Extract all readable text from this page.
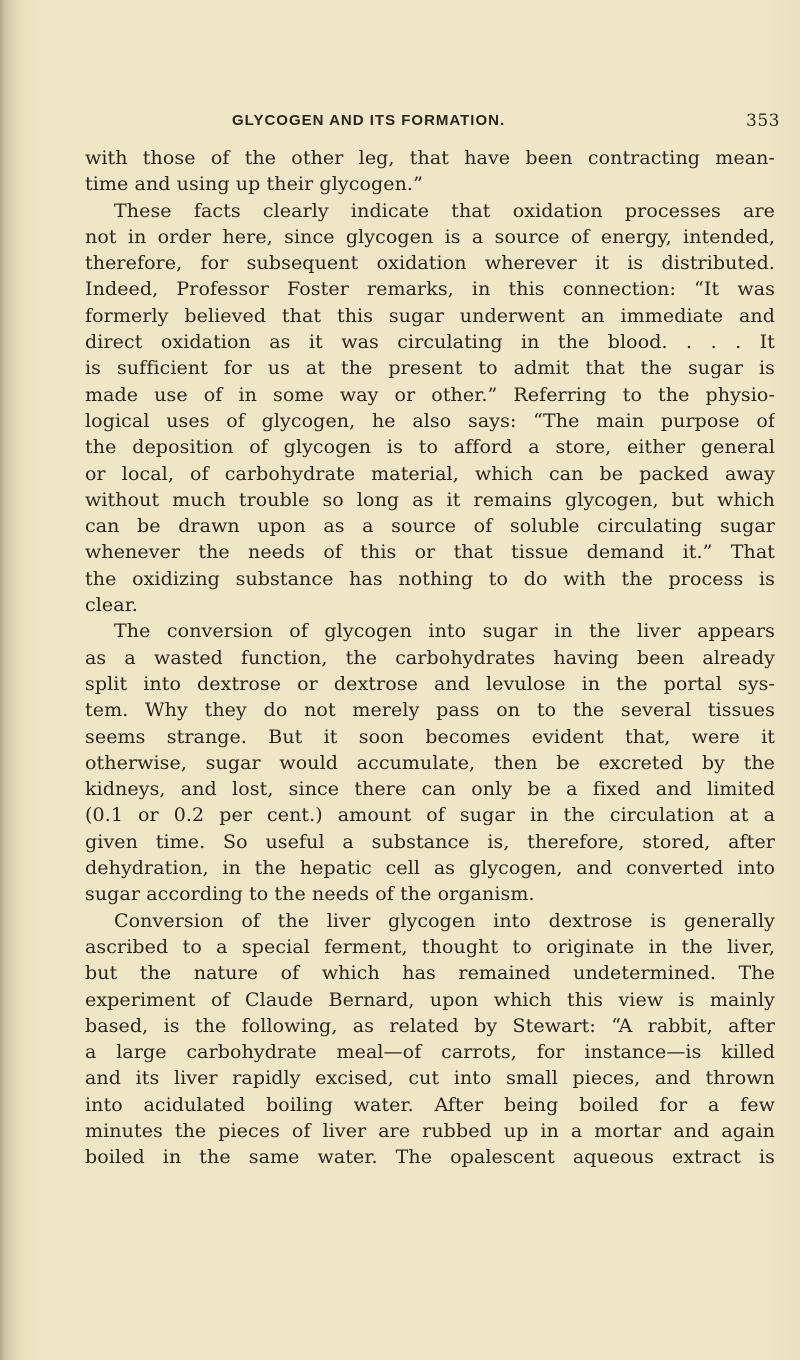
GLYCOGEN AND ITS FORMATION.	353
with those of the other leg, that have been contracting mean-
time and using up their glycogen.”
These facts clearly indicate that oxidation processes are
not in order here, since glycogen is a source of energy, intended,
therefore, for subsequent oxidation wherever it is distributed.
Indeed, Professor Foster remarks, in this connection: “It was
formerly believed that this sugar underwent an immediate and
direct oxidation as it was circulating in the blood. . . . It
is sufficient for us at the present to admit that the sugar is
made use of in some way or other.” Referring to the physio-
logical uses of glycogen, he also says: “The main purpose of
the deposition of glycogen is to afford a store, either general
or local, of carbohydrate material, which can be packed away
without much trouble so long as it remains glycogen, but which
can be drawn upon as a source of soluble circulating sugar
whenever the needs of this or that tissue demand it.” That
the oxidizing substance has nothing to do with the process is
clear.
The conversion of glycogen into sugar in the liver appears
as a wasted function, the carbohydrates having been already
split into dextrose or dextrose and levulose in the portal sys-
tem. Why they do not merely pass on to the several tissues
seems strange. But it soon becomes evident that, were it
otherwise, sugar would accumulate, then be excreted by the
kidneys, and lost, since there can only be a fixed and limited
(0.1 or 0.2 per cent.) amount of sugar in the circulation at a
given time. So useful a substance is, therefore, stored, after
dehydration, in the hepatic cell as glycogen, and converted into
sugar according to the needs of the organism.
Conversion of the liver glycogen into dextrose is generally
ascribed to a special ferment, thought to originate in the liver,
but the nature of which has remained undetermined. The
experiment of Claude Bernard, upon which this view is mainly
based, is the following, as related by Stewart: “A rabbit, after
a large carbohydrate meal—of carrots, for instance—is killed
and its liver rapidly excised, cut into small pieces, and thrown
into acidulated boiling water. After being boiled for a few
minutes the pieces of liver are rubbed up in a mortar and again
boiled in the same water. The opalescent aqueous extract is
